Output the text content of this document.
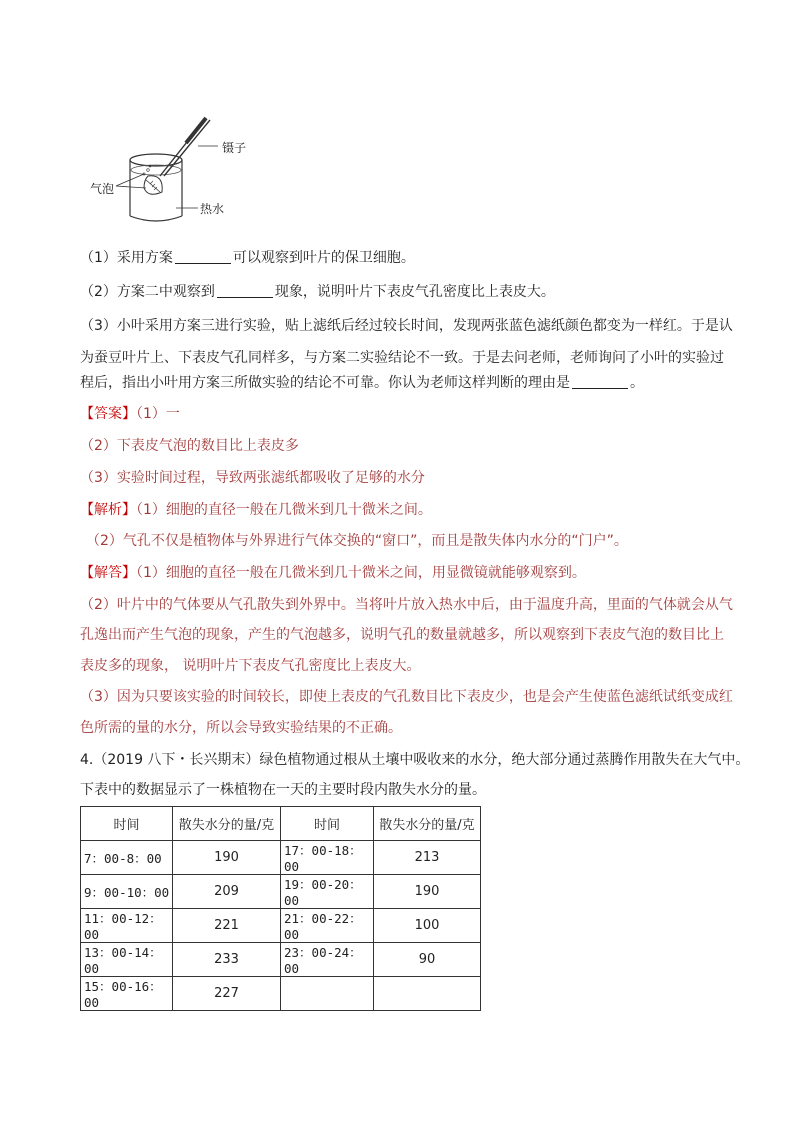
镊子
气泡
热水
（1）采用方案	可以观察到叶片的保卫细胞。
（2）方案二中观察到	现象，说明叶片下表皮气孔密度比上表皮大。
（3）小叶采用方案三进行实验，贴上滤纸后经过较长时间，发现两张蓝色滤纸颜色都变为一样红。于是认
为蚕豆叶片上、下表皮气孔同样多，与方案二实验结论不一致。于是去问老师，老师询问了小叶的实验过
程后，指出小叶用方案三所做实验的结论不可靠。你认为老师这样判断的理由是	。
【答案】（1）一
（2）下表皮气泡的数目比上表皮多
（3）实验时间过程，导致两张滤纸都吸收了足够的水分
【解析】（1）细胞的直径一般在几微米到几十微米之间。
（2）气孔不仅是植物体与外界进行气体交换的“窗口”，而且是散失体内水分的“门户”。
【解答】（1）细胞的直径一般在几微米到几十微米之间，用显微镜就能够观察到。
（2）叶片中的气体要从气孔散失到外界中。当将叶片放入热水中后，由于温度升高，里面的气体就会从气
孔逸出而产生气泡的现象，产生的气泡越多，说明气孔的数量就越多，所以观察到下表皮气泡的数目比上
表皮多的现象， 说明叶片下表皮气孔密度比上表皮大。
（3）因为只要该实验的时间较长，即使上表皮的气孔数目比下表皮少，也是会产生使蓝色滤纸试纸变成红
色所需的量的水分，所以会导致实验结果的不正确。
4.（2019 八下・长兴期末）绿色植物通过根从土壤中吸收来的水分，绝大部分通过蒸腾作用散失在大气中。
下表中的数据显示了一株植物在一天的主要时段内散失水分的量。
时间	散失水分的量/克	时间	散失水分的量/克
7：00-8：00	190	17：00-18：00	213
9：00-10：00	209	19：00-20：00	190
11：00-12：00	221	21：00-22：00	100
13：00-14：00	233	23：00-24：00	90
15：00-16：00	227		
